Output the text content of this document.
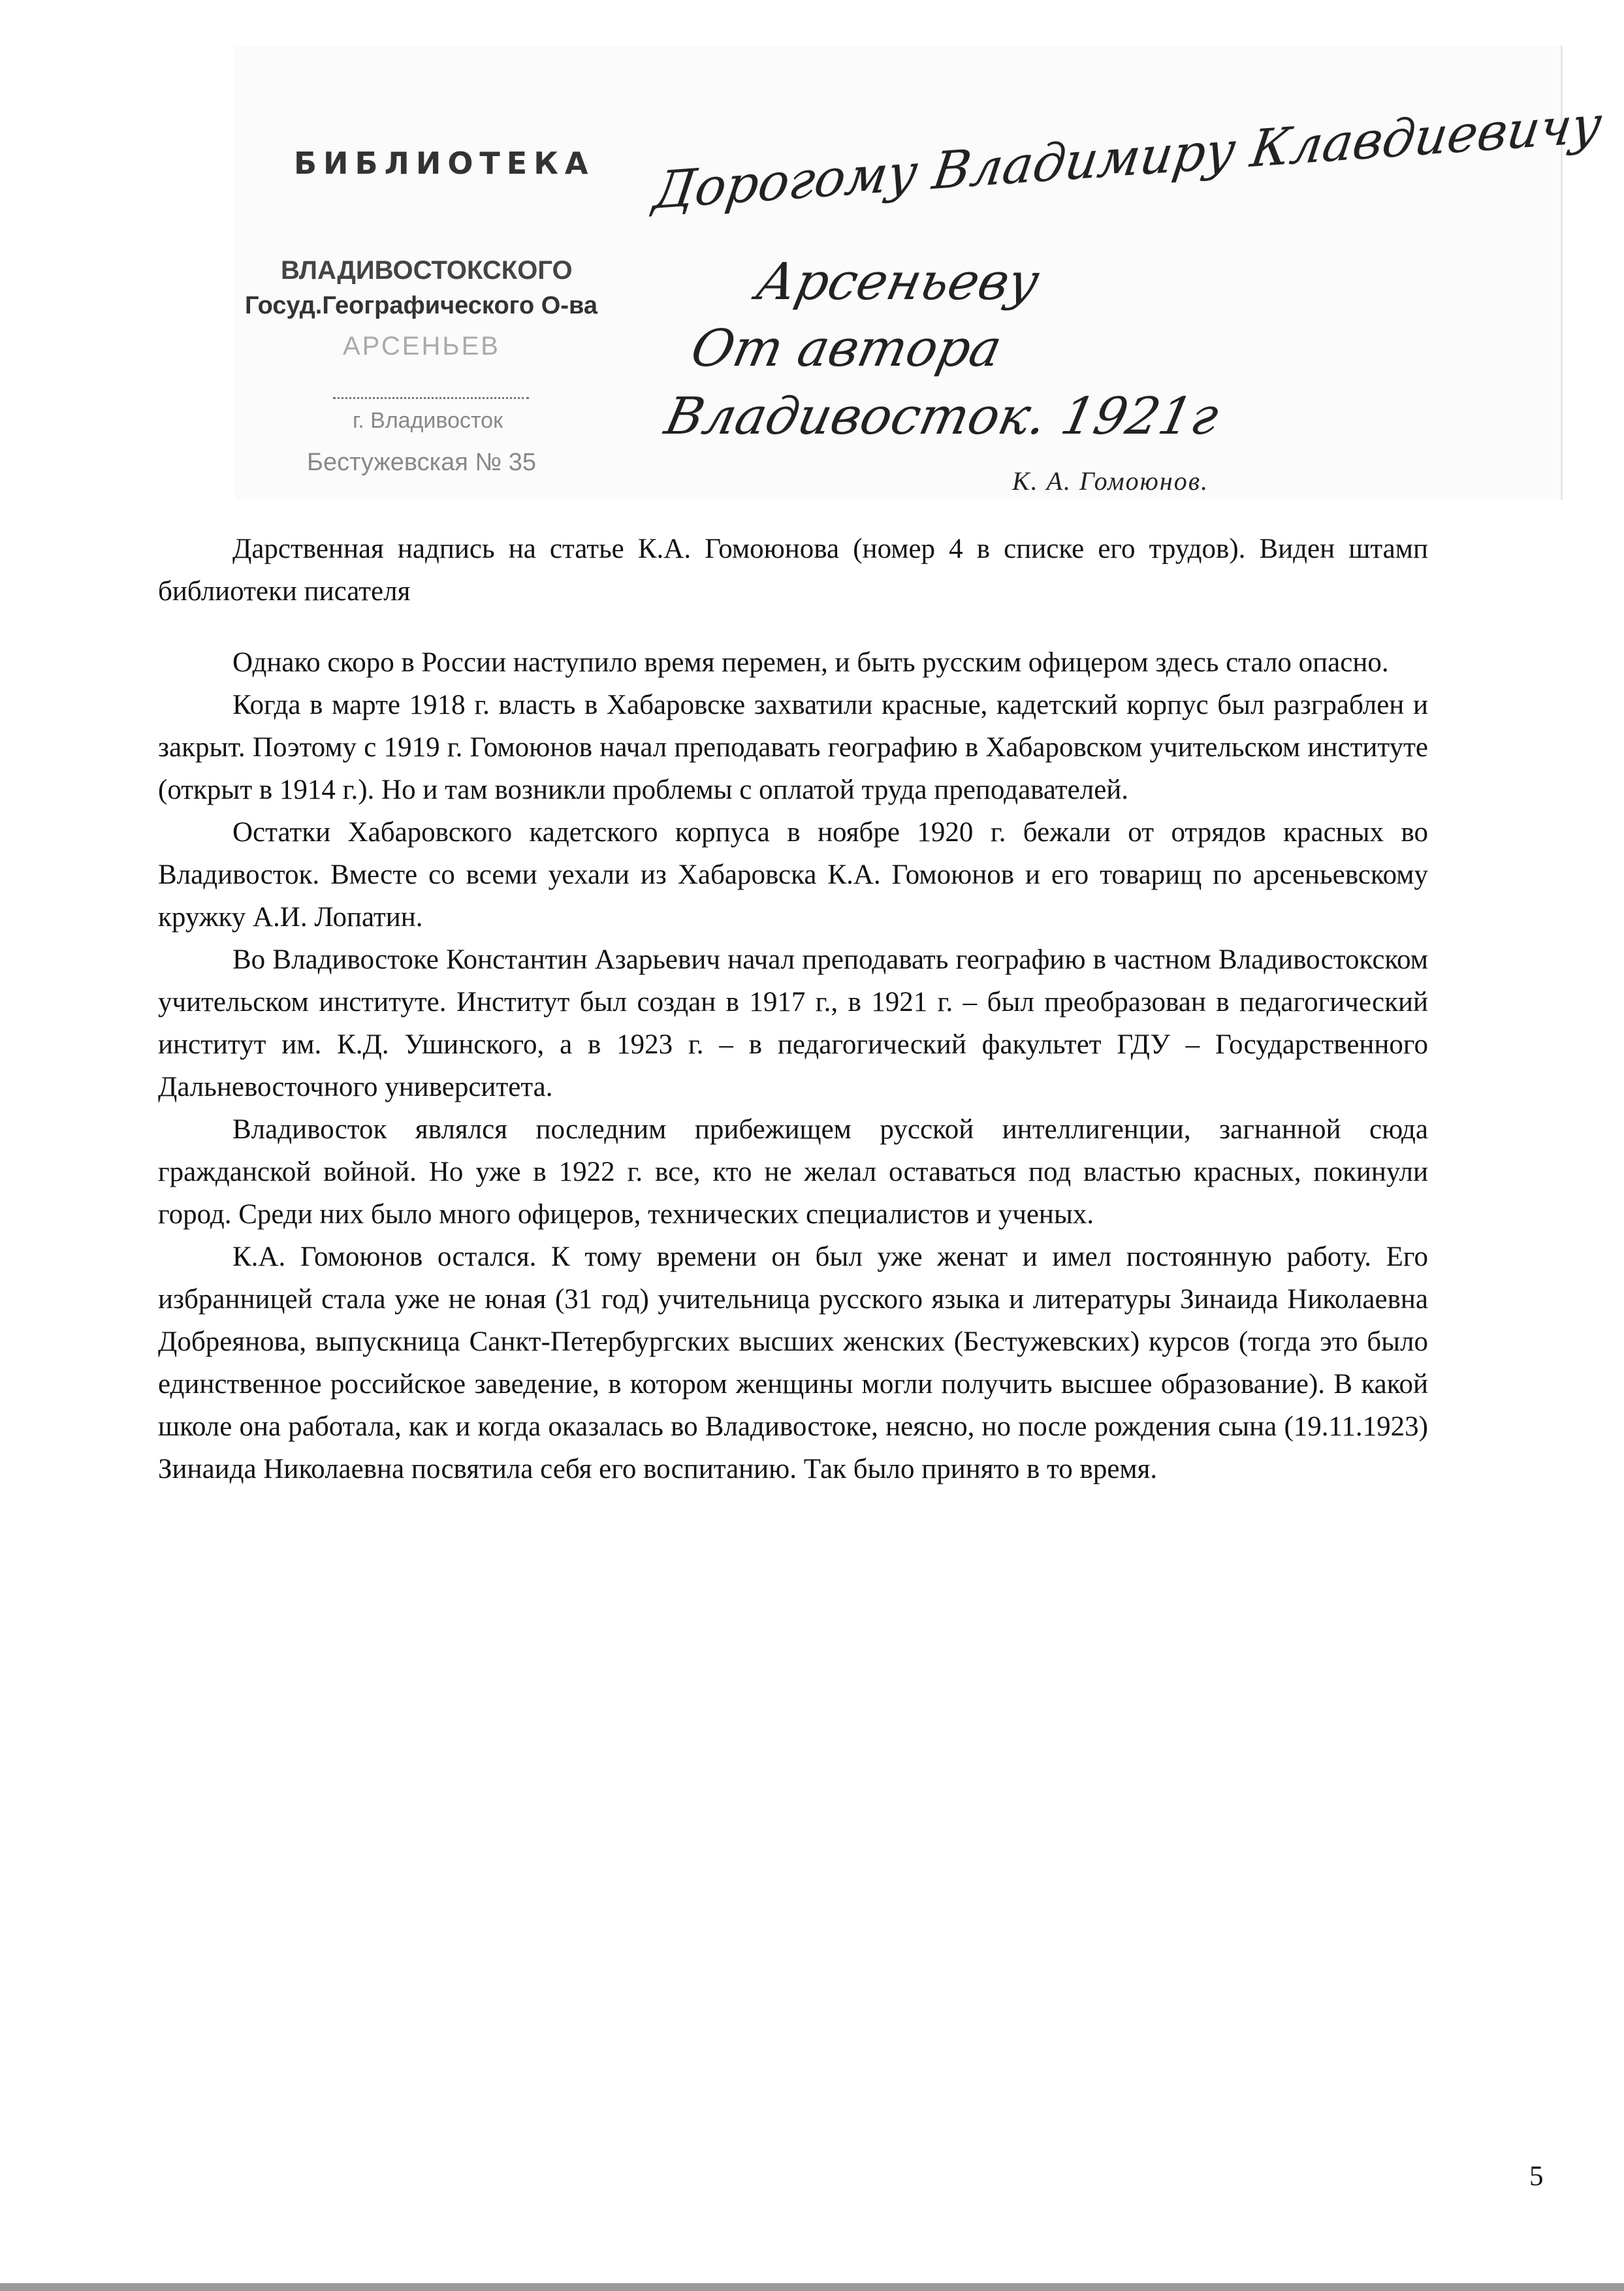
БИБЛИОТЕКА
ВЛАДИВОСТОКСКОГО
Госуд.Географического О-ва
АРСЕНЬЕВ
г. Владивосток
Бестужевская № 35
Дорогому Владимиру Клавдиевичу
Арсеньеву
От автора
Владивосток. 1921г
К. А. Гомоюнов.

Дарственная надпись на статье К.А. Гомоюнова (номер 4 в списке его трудов). Виден штамп библиотеки писателя

Однако скоро в России наступило время перемен, и быть русским офицером здесь стало опасно.

Когда в марте 1918 г. власть в Хабаровске захватили красные, кадетский корпус был разграблен и закрыт. Поэтому с 1919 г. Гомоюнов начал преподавать географию в Хабаровском учительском институте (открыт в 1914 г.). Но и там возникли проблемы с оплатой труда преподавателей.

Остатки Хабаровского кадетского корпуса в ноябре 1920 г. бежали от отрядов красных во Владивосток. Вместе со всеми уехали из Хабаровска К.А. Гомоюнов и его товарищ по арсеньевскому кружку А.И. Лопатин.

Во Владивостоке Константин Азарьевич начал преподавать географию в частном Владивостокском учительском институте. Институт был создан в 1917 г., в 1921 г. – был преобразован в педагогический институт им. К.Д. Ушинского, а в 1923 г. – в педагогический факультет ГДУ – Государственного Дальневосточного университета.

Владивосток являлся последним прибежищем русской интеллигенции, загнанной сюда гражданской войной. Но уже в 1922 г. все, кто не желал оставаться под властью красных, покинули город. Среди них было много офицеров, технических специалистов и ученых.

К.А. Гомоюнов остался. К тому времени он был уже женат и имел постоянную работу. Его избранницей стала уже не юная (31 год) учительница русского языка и литературы Зинаида Николаевна Добреянова, выпускница Санкт-Петербургских высших женских (Бестужевских) курсов (тогда это было единственное российское заведение, в котором женщины могли получить высшее образование). В какой школе она работала, как и когда оказалась во Владивостоке, неясно, но после рождения сына (19.11.1923) Зинаида Николаевна посвятила себя его воспитанию. Так было принято в то время.

5
